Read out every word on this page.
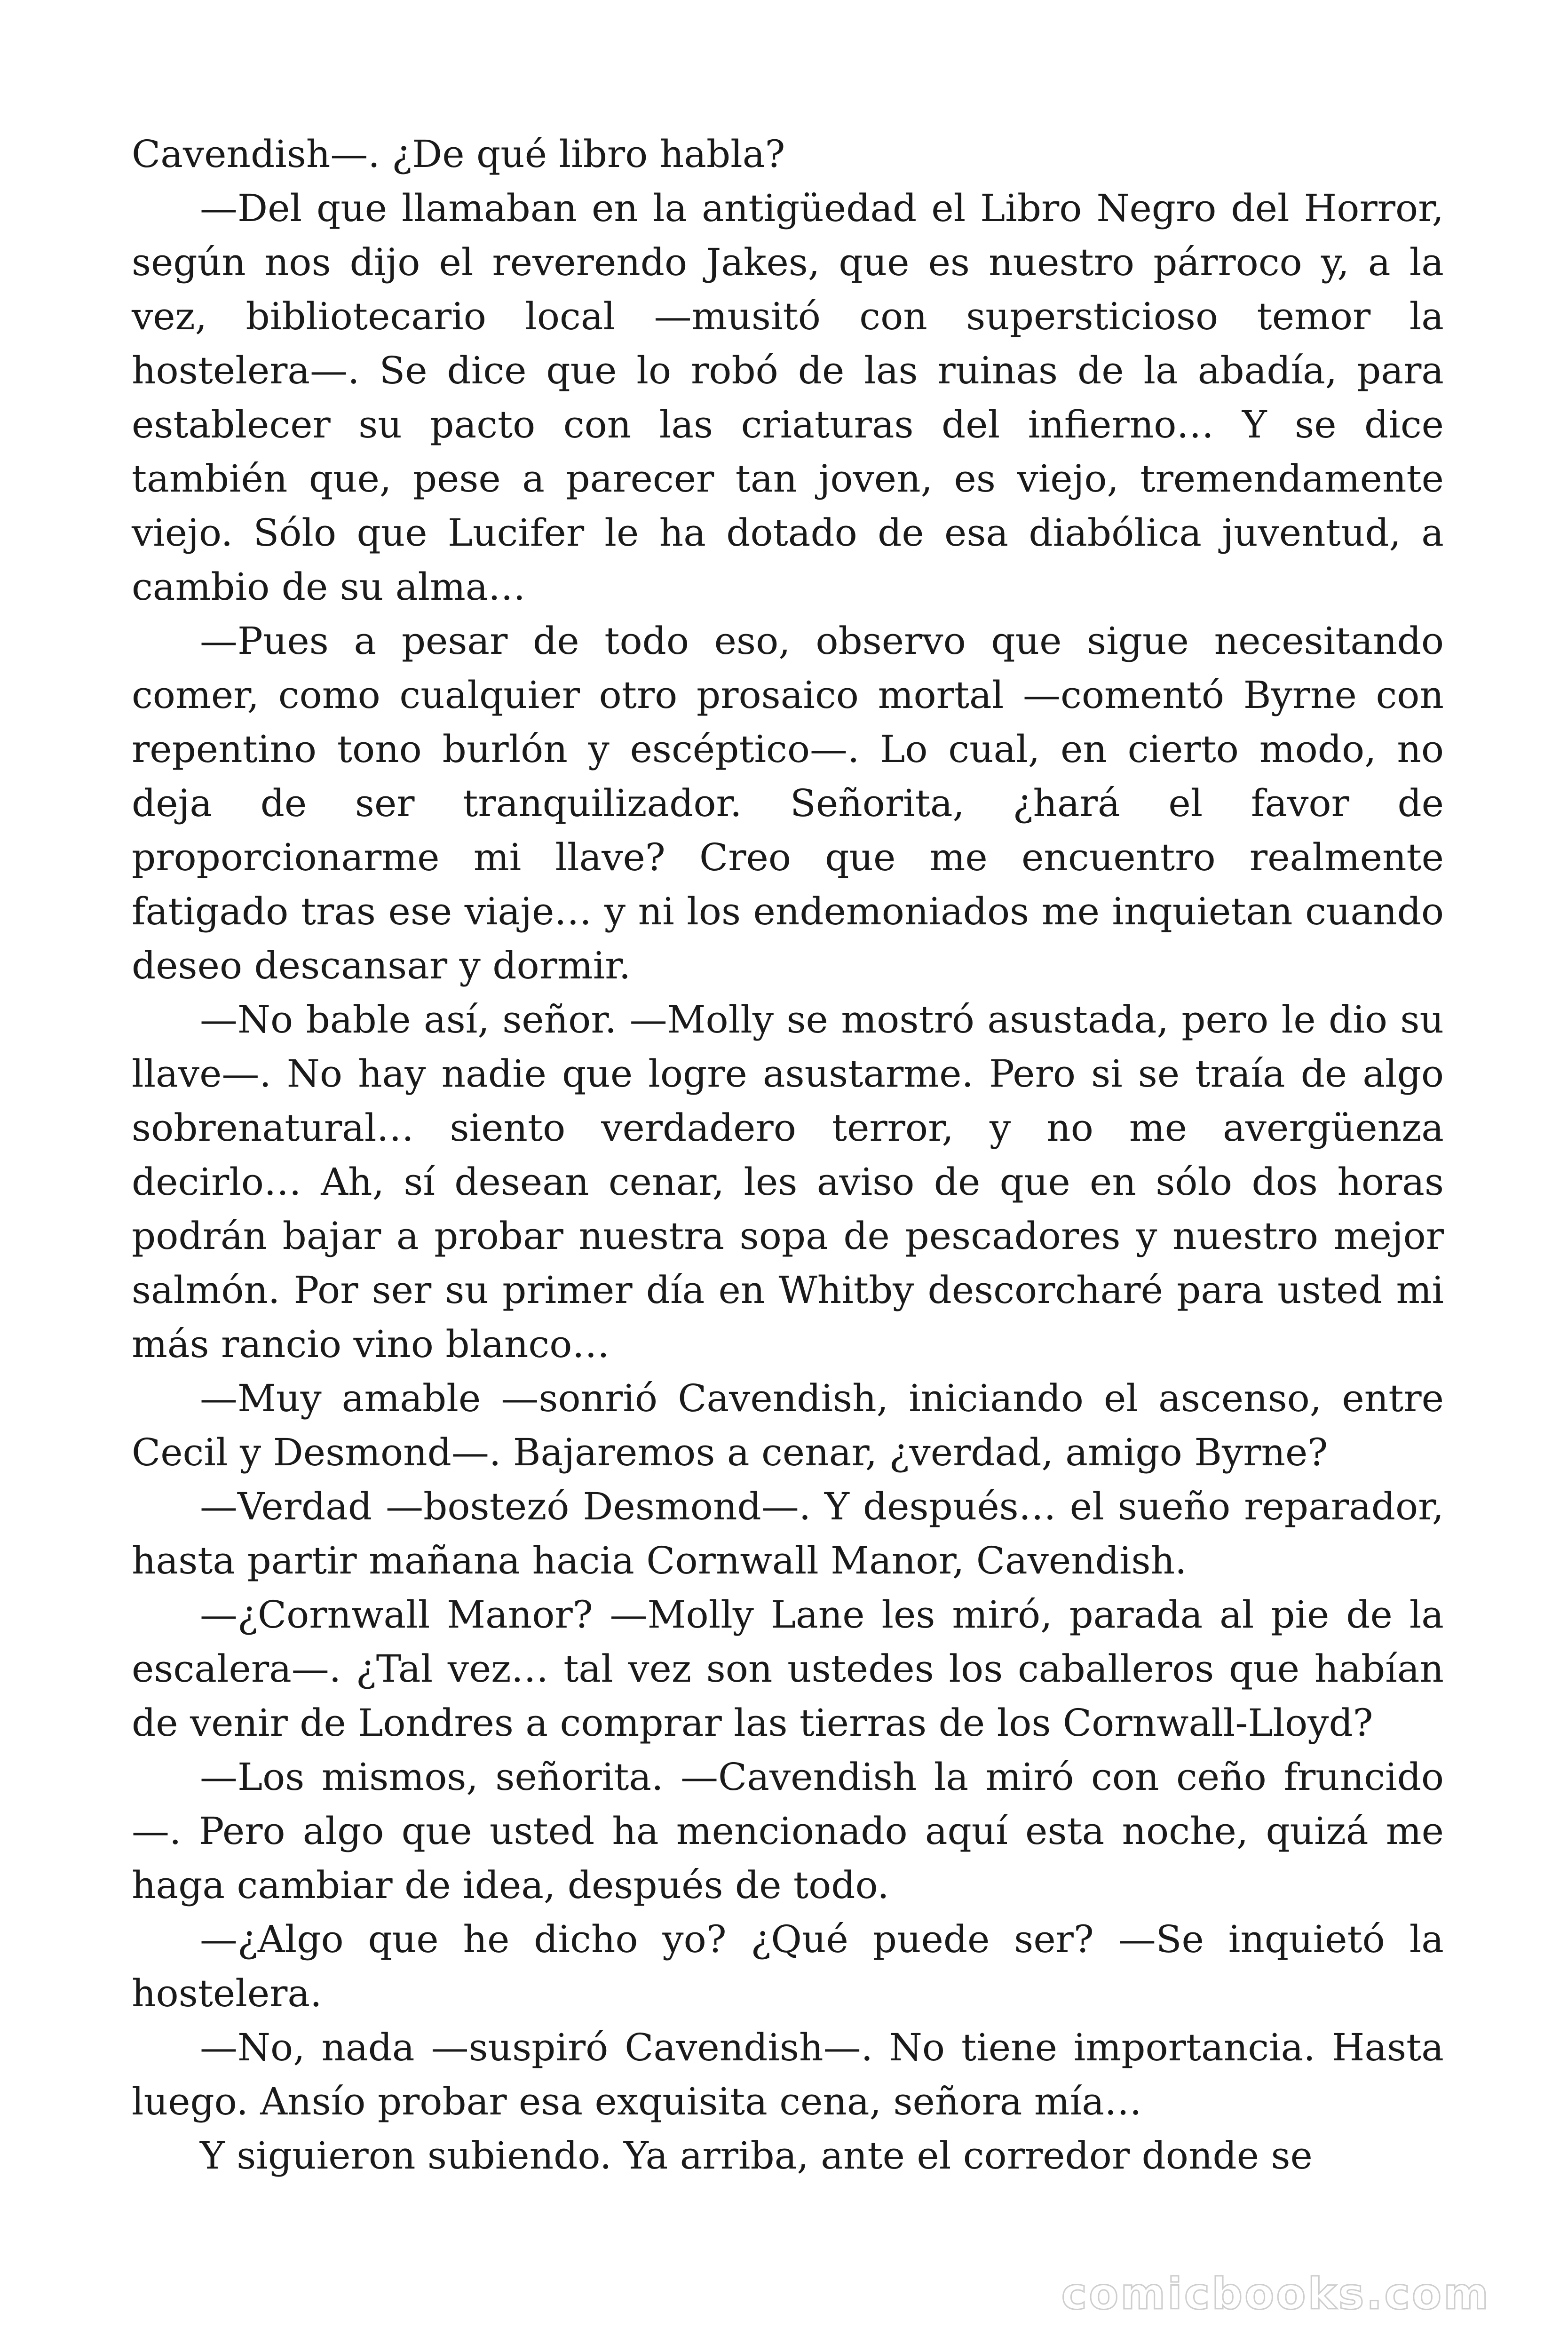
Cavendish—. ¿De qué libro habla?

—Del que llamaban en la antigüedad el Libro Negro del Horror, según nos dijo el reverendo Jakes, que es nuestro párroco y, a la vez, bibliotecario local —musitó con supersticioso temor la hostelera—. Se dice que lo robó de las ruinas de la abadía, para establecer su pacto con las criaturas del infierno… Y se dice también que, pese a parecer tan joven, es viejo, tremendamente viejo. Sólo que Lucifer le ha dotado de esa diabólica juventud, a cambio de su alma…

—Pues a pesar de todo eso, observo que sigue necesitando comer, como cualquier otro prosaico mortal —comentó Byrne con repentino tono burlón y escéptico—. Lo cual, en cierto modo, no deja de ser tranquilizador. Señorita, ¿hará el favor de proporcionarme mi llave? Creo que me encuentro realmente fatigado tras ese viaje… y ni los endemoniados me inquietan cuando deseo descansar y dormir.

—No bable así, señor. —Molly se mostró asustada, pero le dio su llave—. No hay nadie que logre asustarme. Pero si se traía de algo sobrenatural… siento verdadero terror, y no me avergüenza decirlo… Ah, sí desean cenar, les aviso de que en sólo dos horas podrán bajar a probar nuestra sopa de pescadores y nuestro mejor salmón. Por ser su primer día en Whitby descorcharé para usted mi más rancio vino blanco…

—Muy amable —sonrió Cavendish, iniciando el ascenso, entre Cecil y Desmond—. Bajaremos a cenar, ¿verdad, amigo Byrne?

—Verdad —bostezó Desmond—. Y después… el sueño reparador, hasta partir mañana hacia Cornwall Manor, Cavendish.

—¿Cornwall Manor? —Molly Lane les miró, parada al pie de la escalera—. ¿Tal vez… tal vez son ustedes los caballeros que habían de venir de Londres a comprar las tierras de los Cornwall-Lloyd?

—Los mismos, señorita. —Cavendish la miró con ceño fruncido —. Pero algo que usted ha mencionado aquí esta noche, quizá me haga cambiar de idea, después de todo.

—¿Algo que he dicho yo? ¿Qué puede ser? —Se inquietó la hostelera.

—No, nada —suspiró Cavendish—. No tiene importancia. Hasta luego. Ansío probar esa exquisita cena, señora mía…

Y siguieron subiendo. Ya arriba, ante el corredor donde se

comicbooks.com
